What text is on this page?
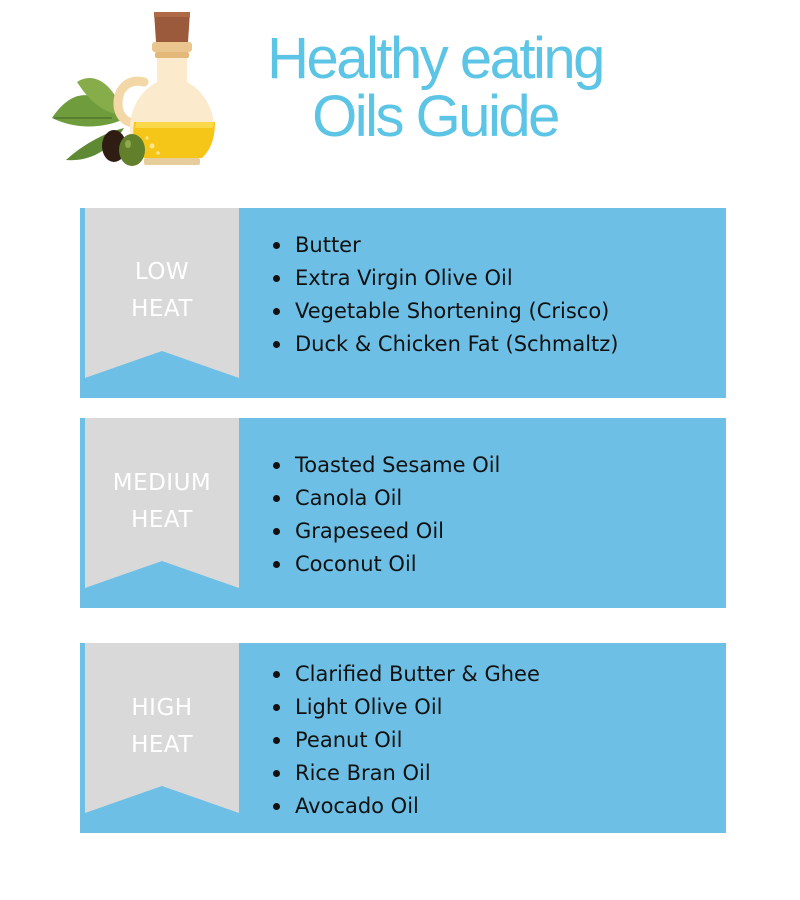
Healthy eating
Oils Guide
LOW
HEAT
Butter
Extra Virgin Olive Oil
Vegetable Shortening (Crisco)
Duck & Chicken Fat (Schmaltz)
MEDIUM
HEAT
Toasted Sesame Oil
Canola Oil
Grapeseed Oil
Coconut Oil
HIGH
HEAT
Clarified Butter & Ghee
Light Olive Oil
Peanut Oil
Rice Bran Oil
Avocado Oil
